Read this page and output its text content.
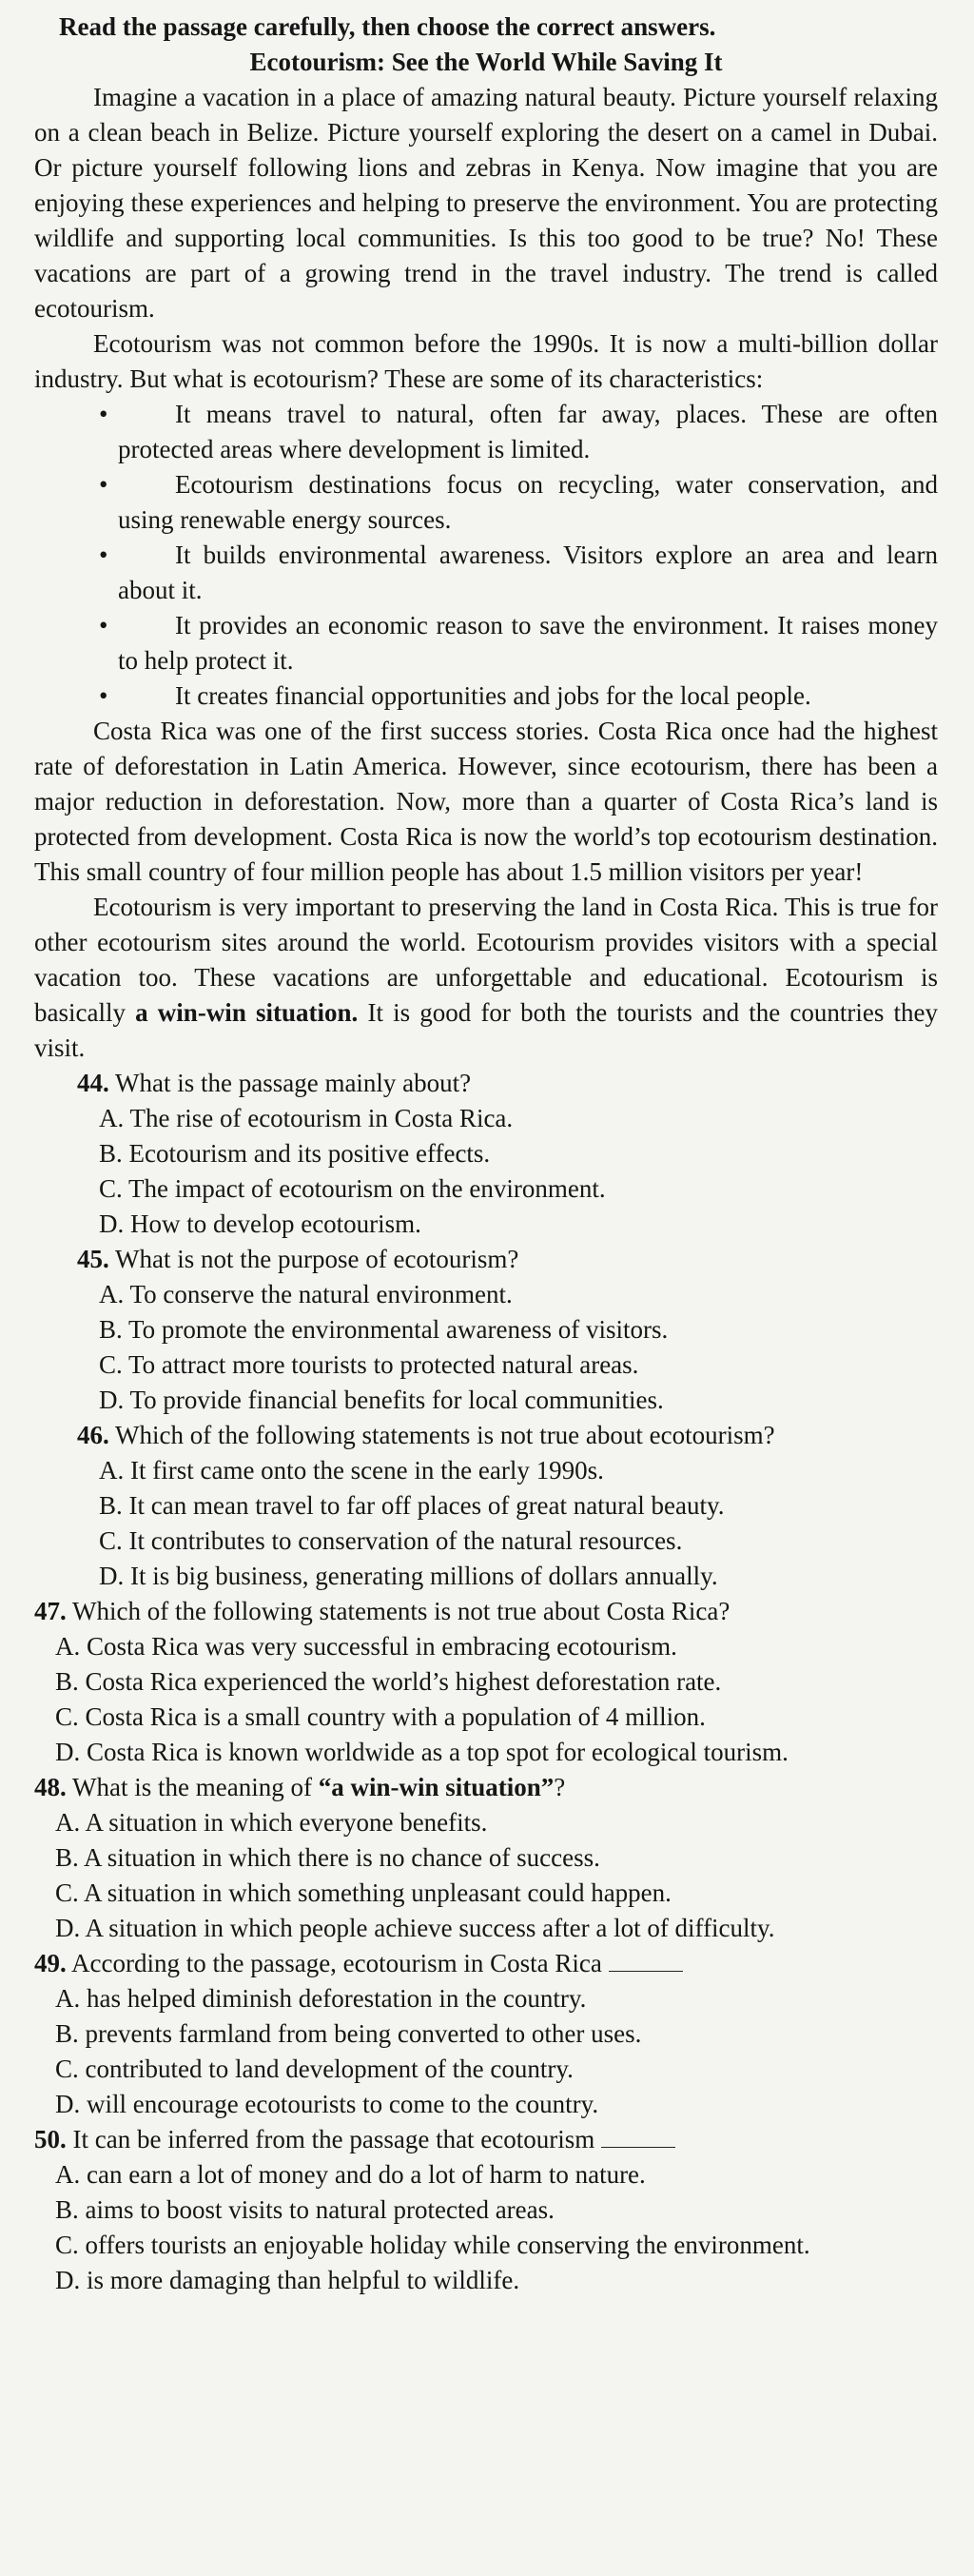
Read the passage carefully, then choose the correct answers.

Ecotourism: See the World While Saving It

Imagine a vacation in a place of amazing natural beauty. Picture yourself relaxing on a clean beach in Belize. Picture yourself exploring the desert on a camel in Dubai. Or picture yourself following lions and zebras in Kenya. Now imagine that you are enjoying these experiences and helping to preserve the environment. You are protecting wildlife and supporting local communities. Is this too good to be true? No! These vacations are part of a growing trend in the travel industry. The trend is called ecotourism.

Ecotourism was not common before the 1990s. It is now a multi-billion dollar industry. But what is ecotourism? These are some of its characteristics:

•	It means travel to natural, often far away, places. These are often protected areas where development is limited.
•	Ecotourism destinations focus on recycling, water conservation, and using renewable energy sources.
•	It builds environmental awareness. Visitors explore an area and learn about it.
•	It provides an economic reason to save the environment. It raises money to help protect it.
•	It creates financial opportunities and jobs for the local people.

Costa Rica was one of the first success stories. Costa Rica once had the highest rate of deforestation in Latin America. However, since ecotourism, there has been a major reduction in deforestation. Now, more than a quarter of Costa Rica’s land is protected from development. Costa Rica is now the world’s top ecotourism destination. This small country of four million people has about 1.5 million visitors per year!

Ecotourism is very important to preserving the land in Costa Rica. This is true for other ecotourism sites around the world. Ecotourism provides visitors with a special vacation too. These vacations are unforgettable and educational. Ecotourism is basically a win-win situation. It is good for both the tourists and the countries they visit.

44. What is the passage mainly about?

A. The rise of ecotourism in Costa Rica.

B. Ecotourism and its positive effects.

C. The impact of ecotourism on the environment.

D. How to develop ecotourism.

45. What is not the purpose of ecotourism?

A. To conserve the natural environment.

B. To promote the environmental awareness of visitors.

C. To attract more tourists to protected natural areas.

D. To provide financial benefits for local communities.

46. Which of the following statements is not true about ecotourism?

A. It first came onto the scene in the early 1990s.

B. It can mean travel to far off places of great natural beauty.

C. It contributes to conservation of the natural resources.

D. It is big business, generating millions of dollars annually.

47. Which of the following statements is not true about Costa Rica?

A. Costa Rica was very successful in embracing ecotourism.

B. Costa Rica experienced the world’s highest deforestation rate.

C. Costa Rica is a small country with a population of 4 million.

D. Costa Rica is known worldwide as a top spot for ecological tourism.

48. What is the meaning of “a win-win situation”?

A. A situation in which everyone benefits.

B. A situation in which there is no chance of success.

C. A situation in which something unpleasant could happen.

D. A situation in which people achieve success after a lot of difficulty.

49. According to the passage, ecotourism in Costa Rica

A. has helped diminish deforestation in the country.

B. prevents farmland from being converted to other uses.

C. contributed to land development of the country.

D. will encourage ecotourists to come to the country.

50. It can be inferred from the passage that ecotourism

A. can earn a lot of money and do a lot of harm to nature.

B. aims to boost visits to natural protected areas.

C. offers tourists an enjoyable holiday while conserving the environment.

D. is more damaging than helpful to wildlife.
